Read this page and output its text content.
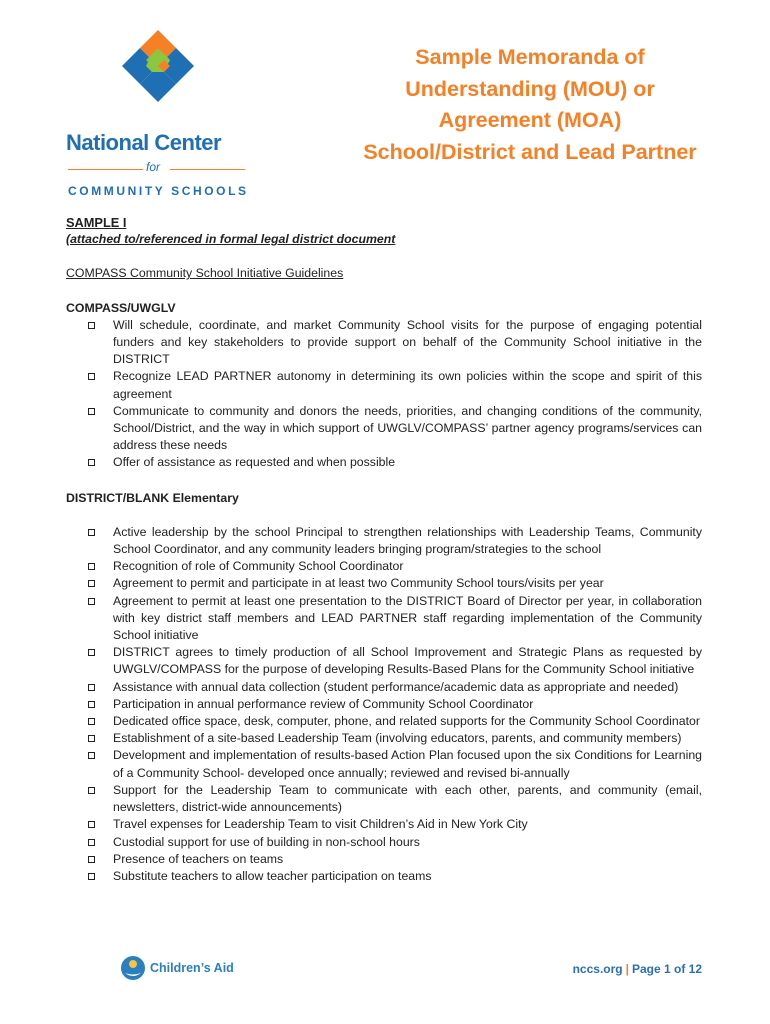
National Center
for
COMMUNITY SCHOOLS
Sample Memoranda of
Understanding (MOU) or
Agreement (MOA)
School/District and Lead Partner
SAMPLE I
(attached to/referenced in formal legal district document
COMPASS Community School Initiative Guidelines
COMPASS/UWGLV
Will schedule, coordinate, and market Community School visits for the purpose of engaging potential funders and key stakeholders to provide support on behalf of the Community School initiative in the DISTRICT
Recognize LEAD PARTNER autonomy in determining its own policies within the scope and spirit of this agreement
Communicate to community and donors the needs, priorities, and changing conditions of the community, School/District, and the way in which support of UWGLV/COMPASS’ partner agency programs/services can address these needs
Offer of assistance as requested and when possible
DISTRICT/BLANK Elementary
Active leadership by the school Principal to strengthen relationships with Leadership Teams, Community School Coordinator, and any community leaders bringing program/strategies to the school
Recognition of role of Community School Coordinator
Agreement to permit and participate in at least two Community School tours/visits per year
Agreement to permit at least one presentation to the DISTRICT Board of Director per year, in collaboration with key district staff members and LEAD PARTNER staff regarding implementation of the Community School initiative
DISTRICT agrees to timely production of all School Improvement and Strategic Plans as requested by UWGLV/COMPASS for the purpose of developing Results-Based Plans for the Community School initiative
Assistance with annual data collection (student performance/academic data as appropriate and needed)
Participation in annual performance review of Community School Coordinator
Dedicated office space, desk, computer, phone, and related supports for the Community School Coordinator
Establishment of a site-based Leadership Team (involving educators, parents, and community members)
Development and implementation of results-based Action Plan focused upon the six Conditions for Learning of a Community School- developed once annually; reviewed and revised bi-annually
Support for the Leadership Team to communicate with each other, parents, and community (email, newsletters, district-wide announcements)
Travel expenses for Leadership Team to visit Children’s Aid in New York City
Custodial support for use of building in non-school hours
Presence of teachers on teams
Substitute teachers to allow teacher participation on teams
Children’s Aid	nccs.org | Page 1 of 12
